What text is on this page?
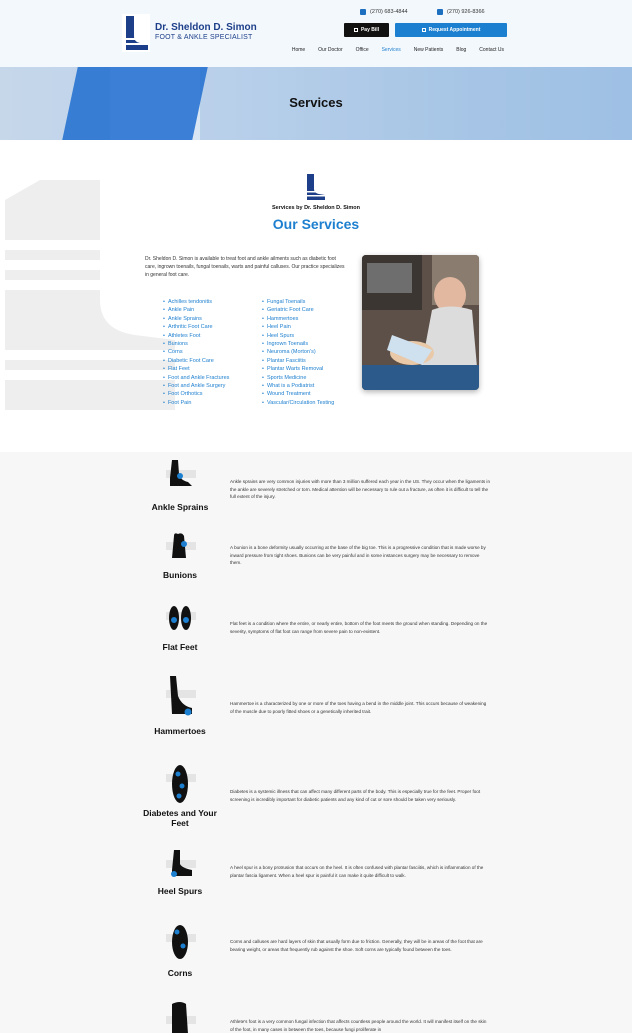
Dr. Sheldon D. Simon
FOOT & ANKLE SPECIALIST
(270) 683-4844	(270) 926-8366
Pay Bill	Request Appointment
Home	Our Doctor	Office	Services	New Patients	Blog	Contact Us
Services
Services by Dr. Sheldon D. Simon
Our Services

Dr. Sheldon D. Simon is available to treat foot and ankle ailments such as diabetic foot care, ingrown toenails, fungal toenails, warts and painful calluses. Our practice specializes in general foot care.

• Achilles tendonitis
• Ankle Pain
• Ankle Sprains
• Arthritic Foot Care
• Athletes Foot
• Bunions
• Corns
• Diabetic Foot Care
• Flat Feet
• Foot and Ankle Fractures
• Foot and Ankle Surgery
• Foot Orthotics
• Foot Pain
• Fungal Toenails
• Geriatric Foot Care
• Hammertoes
• Heel Pain
• Heel Spurs
• Ingrown Toenails
• Neuroma (Morton's)
• Plantar Fasciitis
• Plantar Warts Removal
• Sports Medicine
• What is a Podiatrist
• Wound Treatment
• Vascular/Circulation Testing
Ankle Sprains

Ankle sprains are very common injuries with more than 3 million suffered each year in the US. They occur when the ligaments in the ankle are severely stretched or torn. Medical attention will be necessary to rule out a fracture, as often it is difficult to tell the full extent of the injury.

Bunions

A bunion is a bone deformity usually occurring at the base of the big toe. This is a progressive condition that is made worse by inward pressure from tight shoes. Bunions can be very painful and in some instances surgery may be necessary to remove them.

Flat Feet

Flat feet is a condition where the entire, or nearly entire, bottom of the foot meets the ground when standing. Depending on the severity, symptoms of flat foot can range from severe pain to non-existent.

Hammertoes

Hammertoe is a characterized by one or more of the toes having a bend in the middle joint. This occurs because of weakening of the muscle due to poorly fitted shoes or a genetically inherited trait.

Diabetes and Your Feet

Diabetes is a systemic illness that can affect many different parts of the body. This is especially true for the feet. Proper foot screening is incredibly important for diabetic patients and any kind of cut or sore should be taken very seriously.

Heel Spurs

A heel spur is a bony protrusion that occurs on the heel. It is often confused with plantar fasciitis, which is inflammation of the plantar fascia ligament. When a heel spur is painful it can make it quite difficult to walk.

Corns

Corns and calluses are hard layers of skin that usually form due to friction. Generally, they will be in areas of the foot that are bearing weight, or areas that frequently rub against the shoe. Soft corns are typically found between the toes.

Athlete's foot is a very common fungal infection that affects countless people around the world. It will manifest itself on the skin of the foot, in many cases in between the toes, because fungi proliferate in
